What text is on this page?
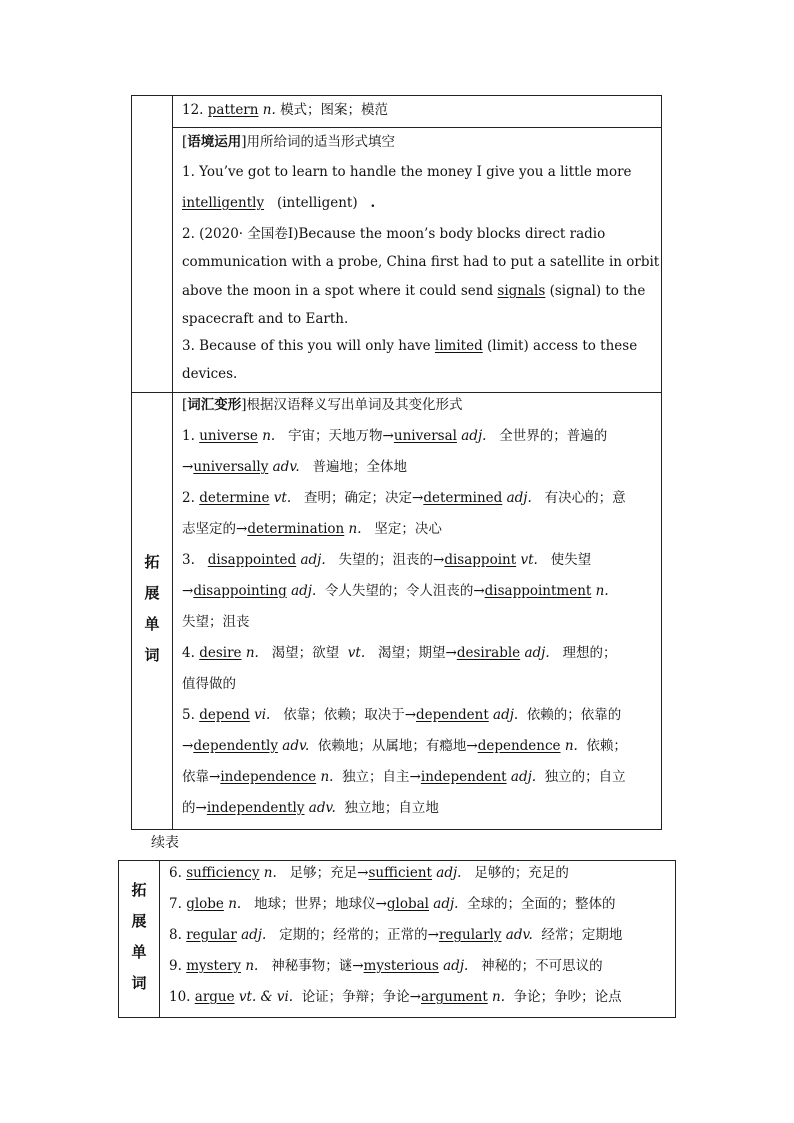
拓
展
单
词
12. pattern n. 模式；图案；模范
[语境运用]用所给词的适当形式填空
1. You’ve got to learn to handle the money I give you a little more
intelligently (intelligent) .
2. (2020· 全国卷Ⅰ)Because the moon’s body blocks direct radio
communication with a probe, China first had to put a satellite in orbit
above the moon in a spot where it could send signals (signal) to the
spacecraft and to Earth.
3. Because of this you will only have limited (limit) access to these
devices.
[词汇变形]根据汉语释义写出单词及其变化形式
1. universe n. 宇宙；天地万物→universal adj. 全世界的；普遍的
→universally adv. 普遍地；全体地
2. determine vt. 查明；确定；决定→determined adj. 有决心的；意
志坚定的→determination n. 坚定；决心
3. disappointed adj. 失望的；沮丧的→disappoint vt. 使失望
→disappointing adj. 令人失望的；令人沮丧的→disappointment n.
失望；沮丧
4. desire n. 渴望；欲望 vt. 渴望；期望→desirable adj. 理想的；
值得做的
5. depend vi. 依靠；依赖；取决于→dependent adj. 依赖的；依靠的
→dependently adv. 依赖地；从属地；有瘾地→dependence n. 依赖；
依靠→independence n. 独立；自主→independent adj. 独立的；自立
的→independently adv. 独立地；自立地
续表
拓
展
单
词
6. sufficiency n. 足够；充足→sufficient adj. 足够的；充足的
7. globe n. 地球；世界；地球仪→global adj. 全球的；全面的；整体的
8. regular adj. 定期的；经常的；正常的→regularly adv. 经常；定期地
9. mystery n. 神秘事物；谜→mysterious adj. 神秘的；不可思议的
10. argue vt. & vi. 论证；争辩；争论→argument n. 争论；争吵；论点
